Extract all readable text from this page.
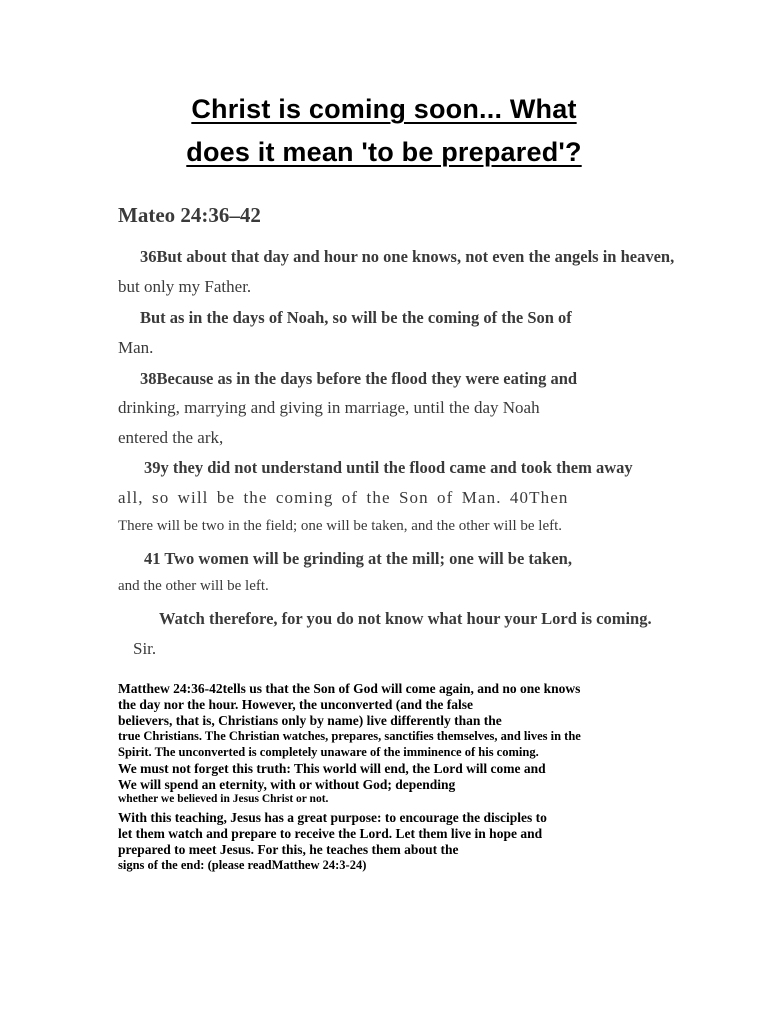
Christ is coming soon... What
does it mean 'to be prepared'?
Mateo 24:36–42
36But about that day and hour no one knows, not even the angels in heaven,
but only my Father.
But as in the days of Noah, so will be the coming of the Son of
Man.
38Because as in the days before the flood they were eating and
drinking, marrying and giving in marriage, until the day Noah
entered the ark,
39y they did not understand until the flood came and took them away
all, so will be the coming of the Son of Man. 40Then
There will be two in the field; one will be taken, and the other will be left.
41 Two women will be grinding at the mill; one will be taken,
and the other will be left.
Watch therefore, for you do not know what hour your Lord is coming.
Sir.
Matthew 24:36-42tells us that the Son of God will come again, and no one knows
the day nor the hour. However, the unconverted (and the false
believers, that is, Christians only by name) live differently than the
true Christians. The Christian watches, prepares, sanctifies themselves, and lives in the
Spirit. The unconverted is completely unaware of the imminence of his coming.
We must not forget this truth: This world will end, the Lord will come and
We will spend an eternity, with or without God; depending
whether we believed in Jesus Christ or not.
With this teaching, Jesus has a great purpose: to encourage the disciples to
let them watch and prepare to receive the Lord. Let them live in hope and
prepared to meet Jesus. For this, he teaches them about the
signs of the end: (please readMatthew 24:3-24)
